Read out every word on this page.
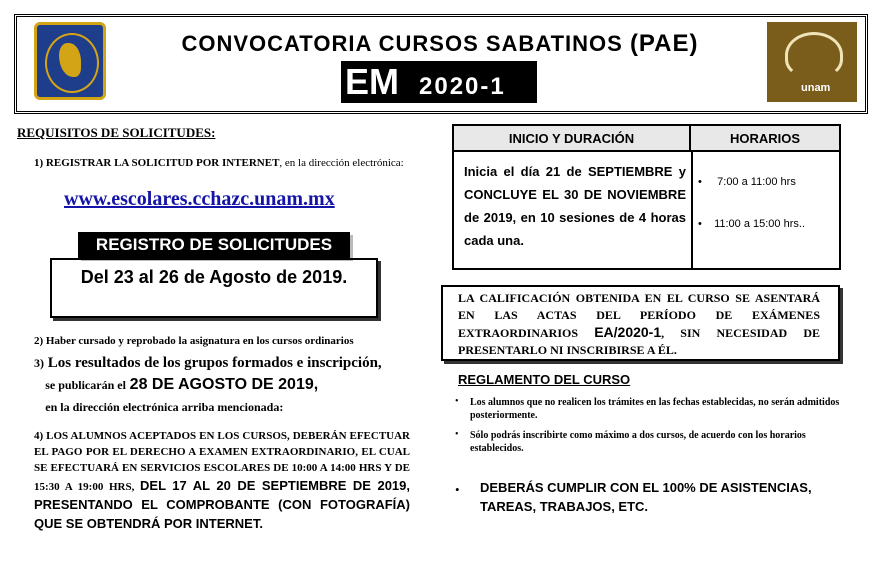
CONVOCATORIA CURSOS SABATINOS (PAE)
EM 2020-1	unam
REQUISITOS DE SOLICITUDES:
1) REGISTRAR LA SOLICITUD POR INTERNET, en la dirección electrónica:
www.escolares.cchazc.unam.mx
REGISTRO DE SOLICITUDES
Del 23 al 26 de Agosto de 2019.
2) Haber cursado y reprobado la asignatura en los cursos ordinarios
3) Los resultados de los grupos formados e inscripción,
se publicarán el 28 DE AGOSTO DE 2019,
en la dirección electrónica arriba mencionada:
4) LOS ALUMNOS ACEPTADOS EN LOS CURSOS, DEBERÁN EFECTUAR EL PAGO POR EL DERECHO A EXAMEN EXTRAORDINARIO, EL CUAL SE EFECTUARÁ EN SERVICIOS ESCOLARES DE 10:00 A 14:00 HRS Y DE 15:30 A 19:00 HRS, DEL 17 AL 20 DE SEPTIEMBRE DE 2019, PRESENTANDO EL COMPROBANTE (CON FOTOGRAFÍA) QUE SE OBTENDRÁ POR INTERNET.
INICIO Y DURACIÓN	HORARIOS
Inicia el día 21 de SEPTIEMBRE y CONCLUYE EL 30 DE NOVIEMBRE de 2019, en 10 sesiones de 4 horas cada una.
•     7:00 a 11:00 hrs
•    11:00 a 15:00 hrs..
LA CALIFICACIÓN OBTENIDA EN EL CURSO SE ASENTARÁ EN LAS ACTAS DEL PERÍODO DE EXÁMENES EXTRAORDINARIOS EA/2020-1, SIN NECESIDAD DE PRESENTARLO NI INSCRIBIRSE A ÉL.
REGLAMENTO DEL CURSO
• Los alumnos que no realicen los trámites en las fechas establecidas, no serán admitidos posteriormente.
• Sólo podrás inscribirte como máximo a dos cursos, de acuerdo con los horarios establecidos.
• DEBERÁS CUMPLIR CON EL 100% DE ASISTENCIAS, TAREAS, TRABAJOS, ETC.
